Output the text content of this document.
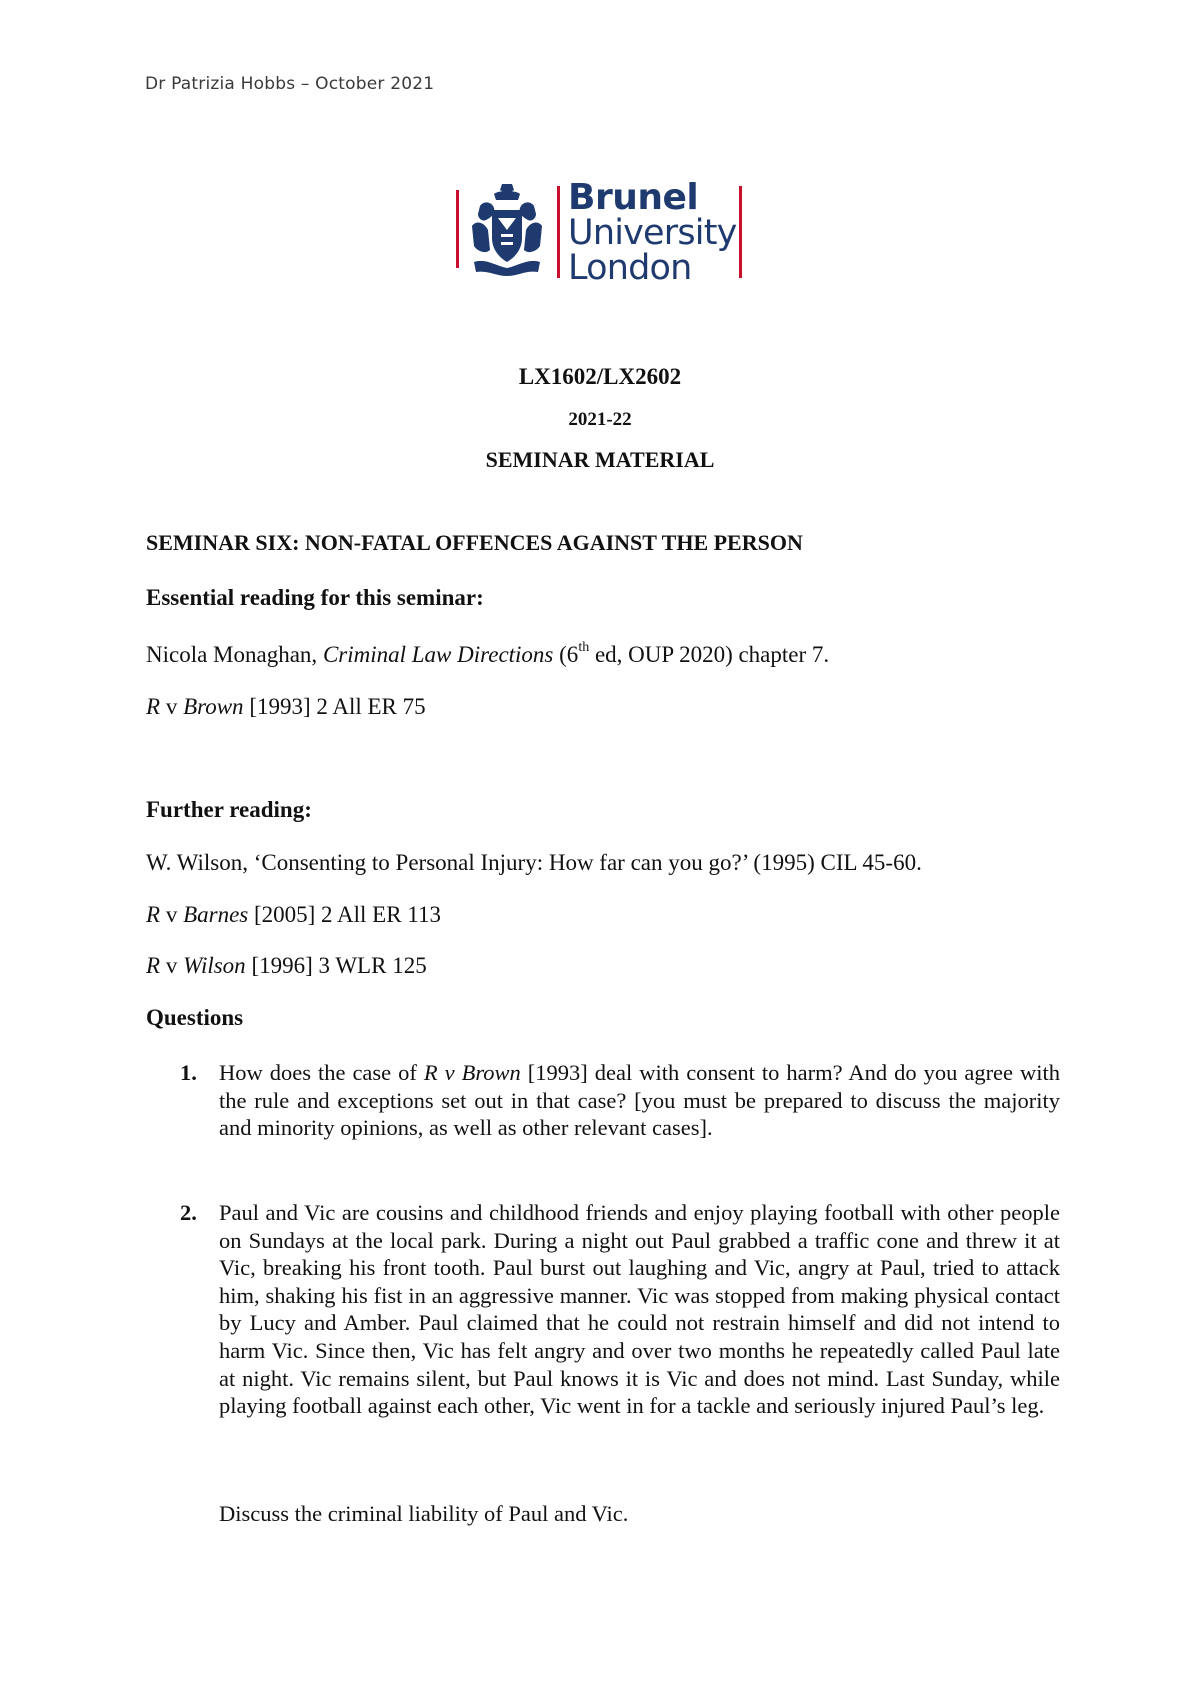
Dr Patrizia Hobbs – October 2021
Brunel
University
London
LX1602/LX2602
2021-22
SEMINAR MATERIAL
SEMINAR SIX: NON-FATAL OFFENCES AGAINST THE PERSON
Essential reading for this seminar:
Nicola Monaghan, Criminal Law Directions (6th ed, OUP 2020) chapter 7.
R v Brown [1993] 2 All ER 75
Further reading:
W. Wilson, ‘Consenting to Personal Injury: How far can you go?’ (1995) CIL 45-60.
R v Barnes [2005] 2 All ER 113
R v Wilson [1996] 3 WLR 125
Questions
1. How does the case of R v Brown [1993] deal with consent to harm? And do you agree with the rule and exceptions set out in that case? [you must be prepared to discuss the majority and minority opinions, as well as other relevant cases].
2. Paul and Vic are cousins and childhood friends and enjoy playing football with other people on Sundays at the local park. During a night out Paul grabbed a traffic cone and threw it at Vic, breaking his front tooth. Paul burst out laughing and Vic, angry at Paul, tried to attack him, shaking his fist in an aggressive manner. Vic was stopped from making physical contact by Lucy and Amber. Paul claimed that he could not restrain himself and did not intend to harm Vic. Since then, Vic has felt angry and over two months he repeatedly called Paul late at night. Vic remains silent, but Paul knows it is Vic and does not mind. Last Sunday, while playing football against each other, Vic went in for a tackle and seriously injured Paul’s leg.
Discuss the criminal liability of Paul and Vic.
